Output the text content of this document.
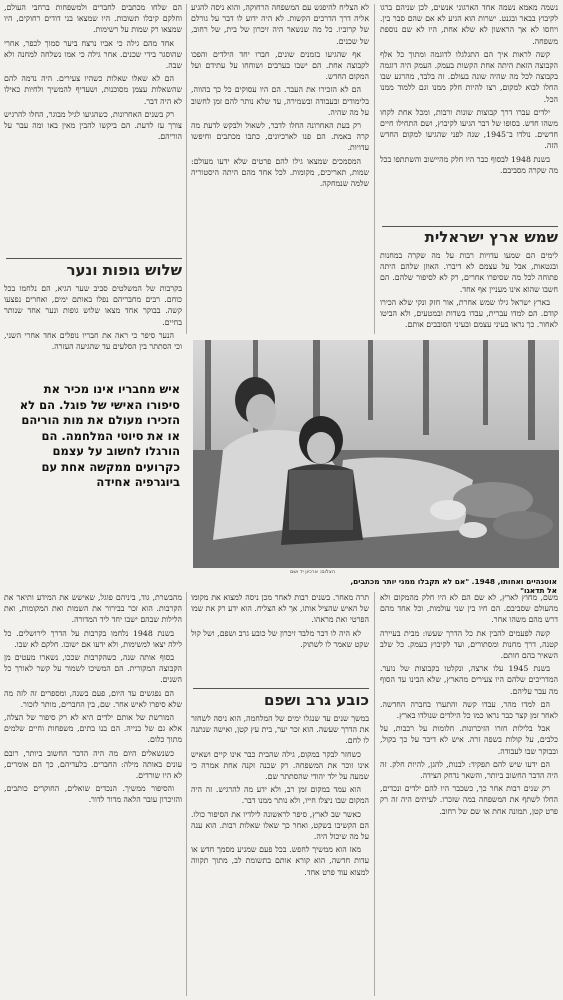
נשמה מאמא נשמה אחד הארגוני אנשים, לכן שניהם ברגו לקיבוץ בבאר ובגנט. ישרות הוא הגיע לא אם שהם סבר בין. ויחסו לא אך הראשון לא שלא אחת, היו לא שם נוספת משפחה.

קשה לראות איך הם התגלגלו לדוגמה ומתוך כל אלף הקבוצה הזאת היתה אחת הקשות בעמק. העמק היה דוגמה בקבוצה לכל מה שהיה שונה בעולם. זה בלבד, מהרגע שבו החלו לבוא למקום, רצו להיות חלק ממנו וגם ללמוד ממנו הכל.

ילדים עברו דרך קבוצות שונות ורבות, ומכל אחת לקחו משהו חדש. בסופו של דבר הגיעו לקיבוץ, ושם התחילו חיים חדשים. נולדו ב־1945, שנה לפני שהגיעו למקום החדש הזה.

בשנת 1948 לבסוף כבר היו חלק מהיישוב והשתתפו בכל מה שקרה מסביבם.

שמש ארץ ישראלית

לימים הם שמעו עדויות רבות על מה שקרה במחנות ובגטאות, אבל על עצמם לא דיברו. האוזן שלהם היתה פתוחה לכל מה שסיפרו אחרים, רק לא לסיפור שלהם. הם חשבו שהוא אינו מעניין אף אחד.

בארץ ישראל גילו שמש אחרת, אור חזק ונקי שלא הכירו קודם. הם למדו עברית, עבדו בשדות ובמטעים, ולא הביטו לאחור. כך נראו בעיני עצמם ובעיני הסובבים אותם.

לא הצליח להיפגש עם המשפחה הרחוקה, והוא ניסה להגיע אליה דרך הדרכים הקשות. לא היה ידוע לו דבר על גורלם של קרוביו. כל מה שנשאר היה זיכרון של בית, של רחוב, של שכנים.

אף שהגיעו בזמנים שונים, חברו יחד הילדים והפכו לקבוצה אחת. הם ישבו בערבים ושוחחו על עתידם ועל המקום החדש.

הם לא הזכירו את העבר. הם היו עסוקים כל כך בהווה, בלימודים ובעבודה ובשמירה, עד שלא נותר להם זמן לחשוב על מה שהיה.

רק בעת האחרונה החלו לדבר, לשאול ולבקש לדעת מה קרה באמת. הם פנו לארכיונים, כתבו מכתבים וחיפשו עדויות.

המסמכים שמצאו גילו להם פרטים שלא ידעו מעולם: שמות, תאריכים, מקומות. לכל אחד מהם היתה היסטוריה שלמה שנמחקה.

הם שלחו מכתבים לחברים ולמשפחות ברחבי העולם, וחלקם קיבלו תשובות. היו שמצאו בני דודים רחוקים, היו שמצאו רק שמות על רשימות.

אחד מהם גילה כי אביו נרצח ביער סמוך לכפר, אחרי שהוסגר בידי שכנים. אחר גילה כי אמו נשלחה למחנה ולא שבה.

הם לא שאלו שאלות כשהיו צעירים. היה נדמה להם שהשאלות עצמן מסוכנות, ושעדיף להמשיך ולחיות כאילו לא היה דבר.

רק בשנים האחרונות, כשהגיעו לגיל מבוגר, החלו להרגיש צורך עז לדעת. הם ביקשו להבין מאין באו ומה עבר על הוריהם.

שלוש גופות ונער

בקרבות של המשלטים סביב שער הגיא, הם נלחמו בכל כוחם. רבים מחבריהם נפלו באותם ימים, ואחרים נפצעו קשה. בבוקר אחד מצאו שלוש גופות ונער אחד שנותר בחיים.

הנער סיפר כי ראה את חבריו נופלים אחד אחרי השני, וכי הסתתר בין הסלעים עד שהגיעה העזרה.

איש מחבריו אינו מכיר את סיפורו האישי של פוגל. הם לא הזכירו מעולם את מות הוריהם או את סיוטי המלחמה. הם הורגלו לחשוב על עצמם כקרועים ממקשה אחת עם ביוגרפיה אחידה
הצלום: ארכיון יד ושם
אוטנהיים ואחותו, 1948. "אם לא תקבלו ממני יותר מכתבים, אל תדאגו"

משם, מחוץ לארץ, לא שם הם לא היו חלק מהמקום ולא מהעולם שסביבם. הם חיו בין שני עולמות, וכל אחד מהם דרש מהם משהו אחר.

קשה לפעמים להבין את כל הדרך שעשו: מבית בעיירה קטנה, דרך מחנות ומסתורים, ועד לקיבוץ בעמק. כל שלב השאיר בהם חותם.

בשנת 1945 עלו ארצה, ונקלטו בקבוצות של נוער. המדריכים שלהם היו צעירים מהארץ, שלא הבינו עד הסוף מה עבר עליהם.

הם למדו מהר, עבדו קשה והתערו בחברה החדשה. לאחר זמן קצר כבר נראו כמו כל הילדים שנולדו בארץ.

אבל בלילות חזרו הזיכרונות. חלומות על רכבות, על כלבים, על קולות בשפה זרה. איש לא דיבר על כך בקול, ובבוקר שבו לעבודה.

הם ידעו שיש להם תפקיד: לבנות, להגן, להיות חלק. זה היה הדבר החשוב ביותר, והשאר נדחק הצידה.

רק שנים רבות אחר כך, כשכבר היו להם ילדים ונכדים, החלו לשתף את המשפחה במה שזכרו. לעיתים היה זה רק פרט קטן, תמונה אחת או שם של רחוב.

תרה מאחר. בשנים רבות לאחר מכן ניסה למצוא את מקומו של האיש שהציל אותו, אך לא הצליח. הוא ידע רק את שמו הפרטי ואת מראהו.

לא היה לו דבר מלבד זיכרון של כובע גרב ושפם, ושל קול שקט שאמר לו לשתוק.

כובע גרב ושפם

במשך שנים עד שנגלו ימים של המלחמה, הוא ניסה לשחזר את הדרך שעשה. הוא זכר יער, בית עץ קטן, ואישה שנתנה לו לחם.

כשחזר לבקר במקום, גילה שהבית כבר אינו קיים ושאיש אינו זוכר את המשפחה. רק שכנה זקנה אחת אמרה כי שמעה על ילד יהודי שהסתתר שם.

הוא עמד במקום זמן רב, ולא ידע מה להרגיש. זה היה המקום שבו ניצלו חייו, ולא נותר ממנו דבר.

כאשר שב לארץ, סיפר לראשונה לילדיו את הסיפור כולו. הם הקשיבו בשקט, ואחר כך שאלו שאלות רבות. הוא ענה על מה שיכול היה.

מאז הוא ממשיך לחפש. בכל פעם שמגיע מסמך חדש או עדות חדשה, הוא קורא אותם בתשומת לב, מתוך תקווה למצוא עוד פרט אחד.

מהבשרת, גוד, ביניהם פוגל, שאישש את המידע ותיאר את הקרבות. הוא זכר בבירור את השמות ואת המקומות, ואת הלילות שבהם ישבו יחד ליד המדורה.

בשנת 1948 נלחמו בקרבות על הדרך לירושלים. כל לילה יצאו למשימות, ולא ידעו אם ישובו. חלקם לא שבו.

בסוף אותה שנה, כשהקרבות שככו, נשארו מעטים מן הקבוצה המקורית. הם המשיכו לשמור על קשר לאורך כל השנים.

הם נפגשים עד היום, פעם בשנה, ומספרים זה לזה מה שלא סיפרו לאיש אחר. שם, בין החברים, מותר לזכור.

המורשת של אותם ילדים היא לא רק סיפור של הצלה, אלא גם של בנייה. הם בנו בתים, משפחות וחיים שלמים מתוך כלום.

כשנשאלים היום מה היה הדבר החשוב ביותר, רובם עונים באותה מילה: החברים. בלעדיהם, כך הם אומרים, לא היו שורדים.

והסיפור ממשיך. הנכדים שואלים, החוקרים כותבים, והזיכרון עובר הלאה מדור לדור.
